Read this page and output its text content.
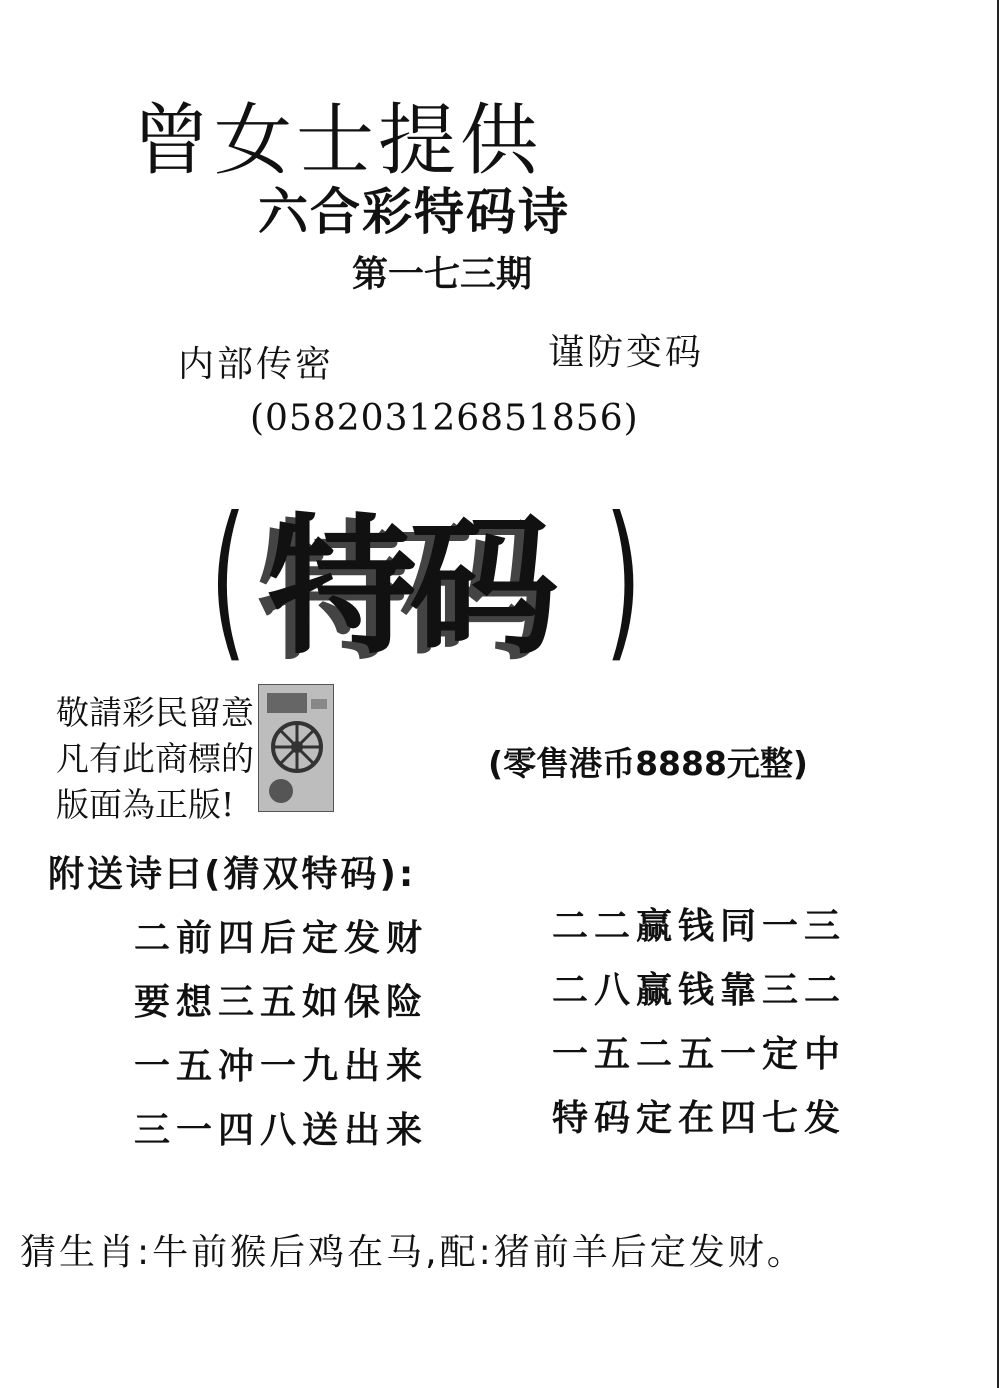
曾女士提供
六合彩特码诗
第一七三期
内部传密	谨防变码
(058203126851856)
( 特码 )
敬請彩民留意
凡有此商標的
版面為正版!
(零售港币8888元整)
附送诗曰(猜双特码):
二前四后定发财
要想三五如保险
一五冲一九出来
三一四八送出来
二二赢钱同一三
二八赢钱靠三二
一五二五一定中
特码定在四七发
猜生肖:牛前猴后鸡在马,配:猪前羊后定发财。
